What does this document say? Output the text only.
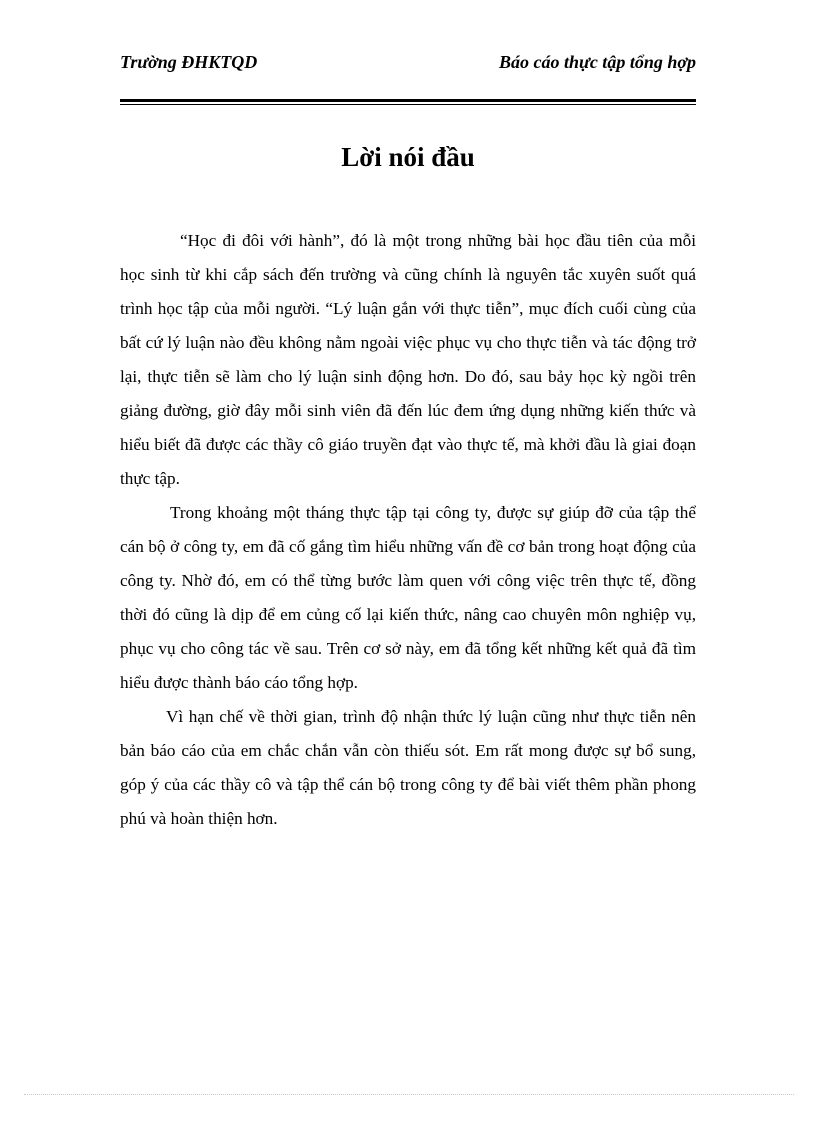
Trường ĐHKTQD	Báo cáo thực tập tổng hợp
Lời nói đầu

“Học đi đôi với hành”, đó là một trong những bài học đầu tiên của mỗi học sinh từ khi cắp sách đến trường và cũng chính là nguyên tắc xuyên suốt quá trình học tập của mỗi người. “Lý luận gắn với thực tiễn”, mục đích cuối cùng của bất cứ lý luận nào đều không nằm ngoài việc phục vụ cho thực tiễn và tác động trở lại, thực tiễn sẽ làm cho lý luận sinh động hơn. Do đó, sau bảy học kỳ ngồi trên giảng đường, giờ đây mỗi sinh viên đã đến lúc đem ứng dụng những kiến thức và hiểu biết đã được các thầy cô giáo truyền đạt vào thực tế, mà khởi đầu là giai đoạn thực tập.

Trong khoảng một tháng thực tập tại công ty, được sự giúp đỡ của tập thể cán bộ ở công ty, em đã cố gắng tìm hiểu những vấn đề cơ bản trong hoạt động của công ty. Nhờ đó, em có thể từng bước làm quen với công việc trên thực tế, đồng thời đó cũng là dịp để em củng cố lại kiến thức, nâng cao chuyên môn nghiệp vụ, phục vụ cho công tác về sau. Trên cơ sở này, em đã tổng kết những kết quả đã tìm hiểu được thành báo cáo tổng hợp.

Vì hạn chế về thời gian, trình độ nhận thức lý luận cũng như thực tiễn nên bản báo cáo của em chắc chắn vẫn còn thiếu sót. Em rất mong được sự bổ sung, góp ý của các thầy cô và tập thể cán bộ trong công ty để bài viết thêm phần phong phú và hoàn thiện hơn.
